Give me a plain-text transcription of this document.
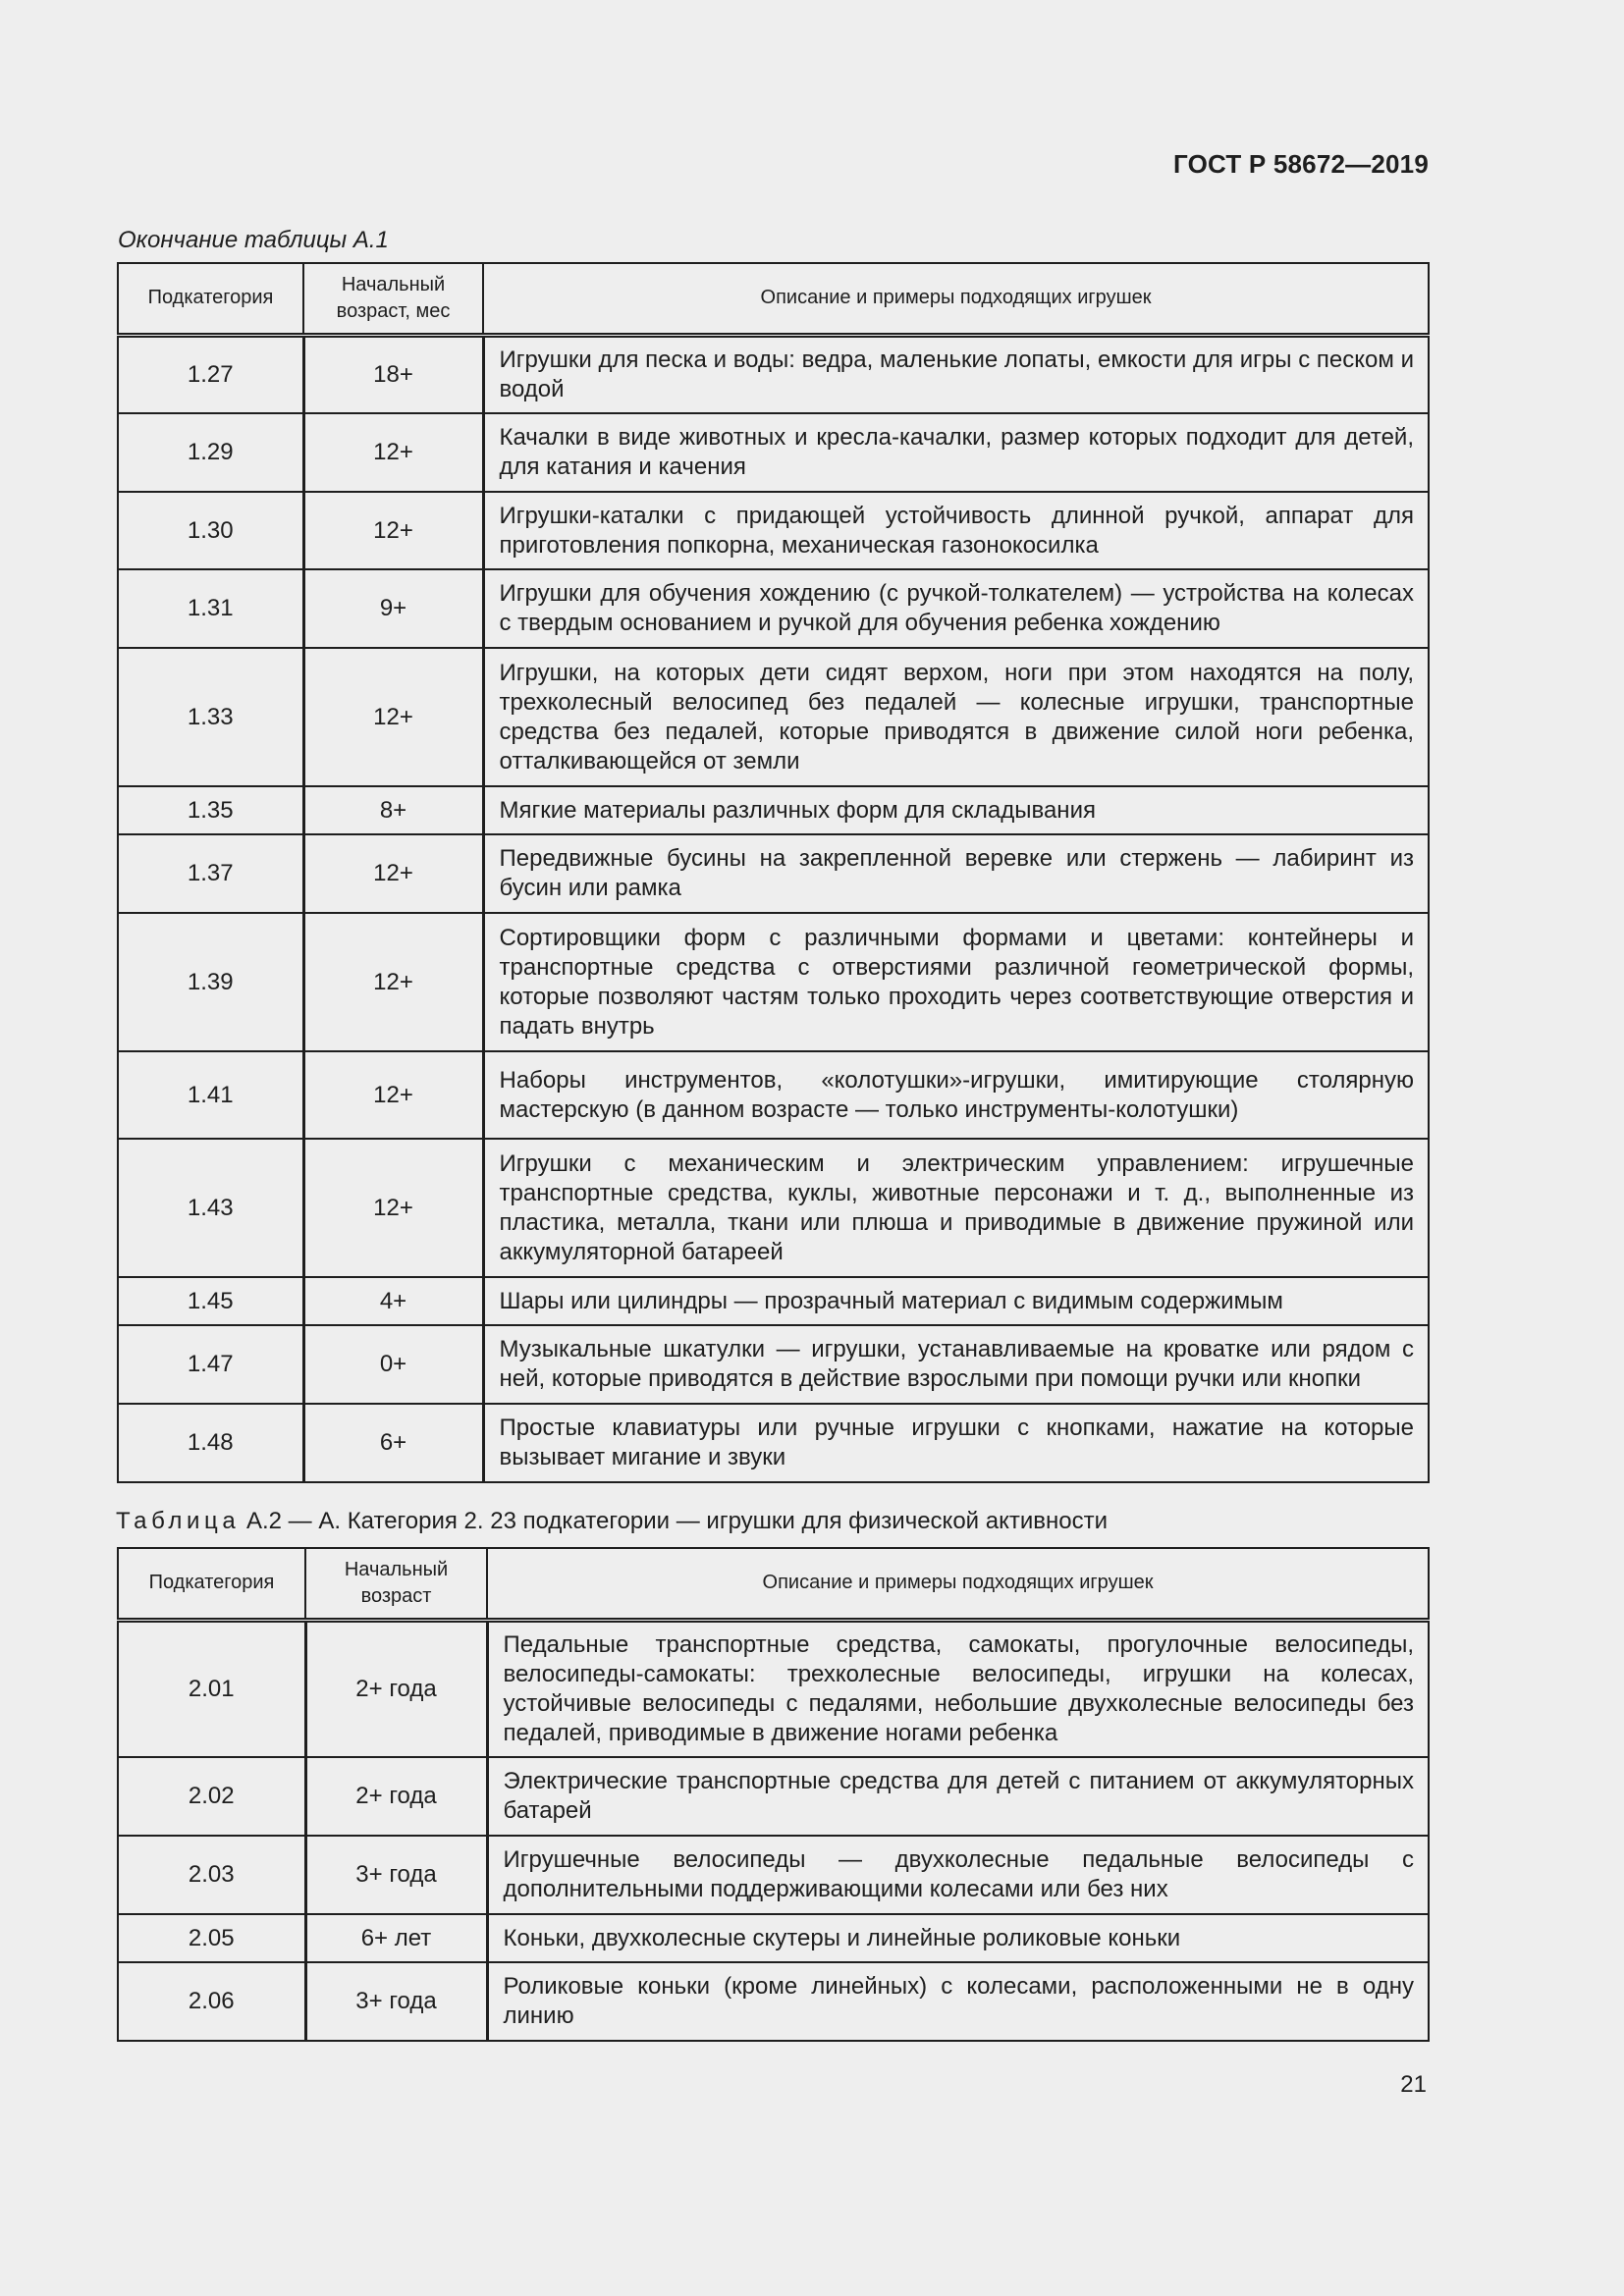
ГОСТ Р 58672—2019
Окончание таблицы А.1
Подкатегория	Начальный возраст, мес	Описание и примеры подходящих игрушек
1.27	18+	Игрушки для песка и воды: ведра, маленькие лопаты, емкости для игры с песком и водой
1.29	12+	Качалки в виде животных и кресла-качалки, размер которых подходит для детей, для катания и качения
1.30	12+	Игрушки-каталки с придающей устойчивость длинной ручкой, аппарат для приготовления попкорна, механическая газонокосилка
1.31	9+	Игрушки для обучения хождению (с ручкой-толкателем) — устройства на колесах с твердым основанием и ручкой для обучения ребенка хождению
1.33	12+	Игрушки, на которых дети сидят верхом, ноги при этом находятся на полу, трехколесный велосипед без педалей — колесные игрушки, транспортные средства без педалей, которые приводятся в движение силой ноги ребенка, отталкивающейся от земли
1.35	8+	Мягкие материалы различных форм для складывания
1.37	12+	Передвижные бусины на закрепленной веревке или стержень — лабиринт из бусин или рамка
1.39	12+	Сортировщики форм с различными формами и цветами: контейнеры и транспортные средства с отверстиями различной геометрической формы, которые позволяют частям только проходить через соответствующие отверстия и падать внутрь
1.41	12+	Наборы инструментов, «колотушки»-игрушки, имитирующие столярную мастерскую (в данном возрасте — только инструменты-колотушки)
1.43	12+	Игрушки с механическим и электрическим управлением: игрушечные транспортные средства, куклы, животные персонажи и т. д., выполненные из пластика, металла, ткани или плюша и приводимые в движение пружиной или аккумуляторной батареей
1.45	4+	Шары или цилиндры — прозрачный материал с видимым содержимым
1.47	0+	Музыкальные шкатулки — игрушки, устанавливаемые на кроватке или рядом с ней, которые приводятся в действие взрослыми при помощи ручки или кнопки
1.48	6+	Простые клавиатуры или ручные игрушки с кнопками, нажатие на которые вызывает мигание и звуки
Таблица А.2 — А. Категория 2. 23 подкатегории — игрушки для физической активности
Подкатегория	Начальный возраст	Описание и примеры подходящих игрушек
2.01	2+ года	Педальные транспортные средства, самокаты, прогулочные велосипеды, велосипеды-самокаты: трехколесные велосипеды, игрушки на колесах, устойчивые велосипеды с педалями, небольшие двухколесные велосипеды без педалей, приводимые в движение ногами ребенка
2.02	2+ года	Электрические транспортные средства для детей с питанием от аккумуляторных батарей
2.03	3+ года	Игрушечные велосипеды — двухколесные педальные велосипеды с дополнительными поддерживающими колесами или без них
2.05	6+ лет	Коньки, двухколесные скутеры и линейные роликовые коньки
2.06	3+ года	Роликовые коньки (кроме линейных) с колесами, расположенными не в одну линию
21
